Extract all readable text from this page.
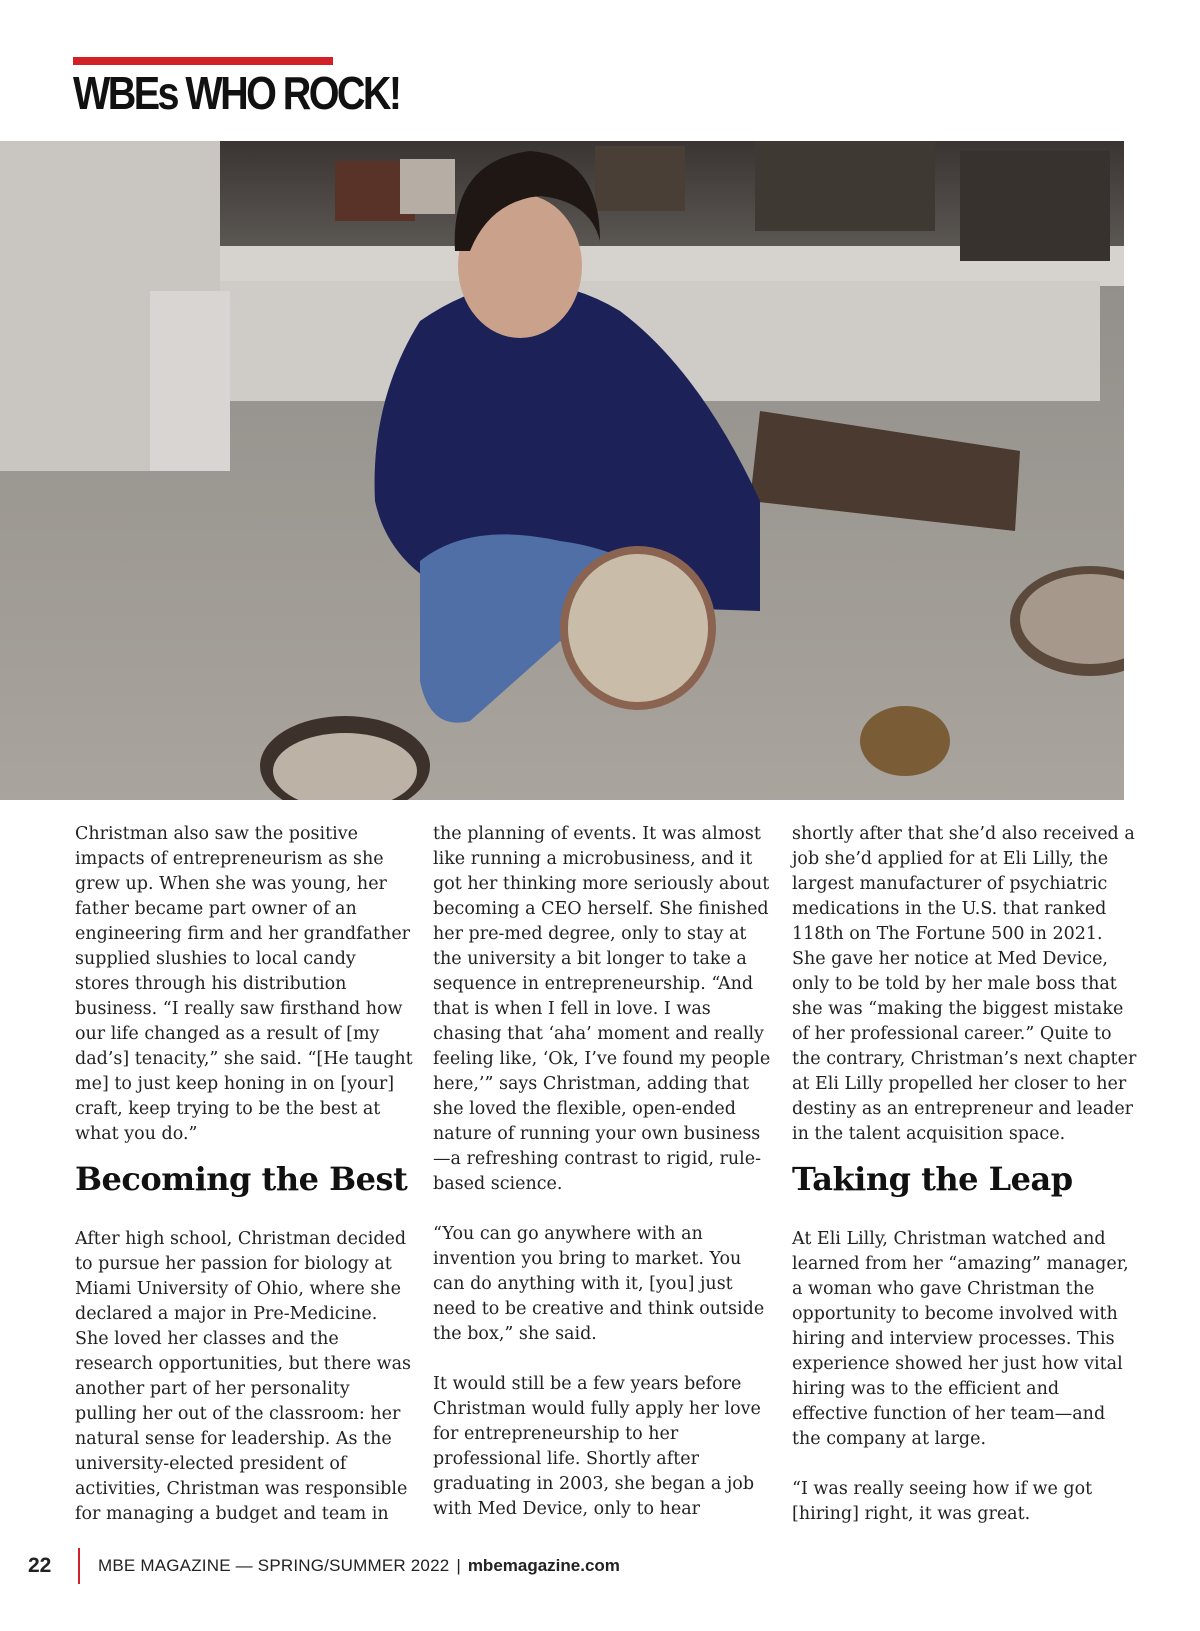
WBEs WHO ROCK!

Christman also saw the positive impacts of entrepreneurism as she grew up. When she was young, her father became part owner of an engineering firm and her grandfather supplied slushies to local candy stores through his distribution business. “I really saw firsthand how our life changed as a result of [my dad’s] tenacity,” she said. “[He taught me] to just keep honing in on [your] craft, keep trying to be the best at what you do.”

Becoming the Best

After high school, Christman decided to pursue her passion for biology at Miami University of Ohio, where she declared a major in Pre-Medicine. She loved her classes and the research opportunities, but there was another part of her personality pulling her out of the classroom: her natural sense for leadership. As the university-elected president of activities, Christman was responsible for managing a budget and team in

the planning of events. It was almost like running a microbusiness, and it got her thinking more seriously about becoming a CEO herself. She finished her pre-med degree, only to stay at the university a bit longer to take a sequence in entrepreneurship. “And that is when I fell in love. I was chasing that ‘aha’ moment and really feeling like, ‘Ok, I’ve found my people here,’” says Christman, adding that she loved the flexible, open-ended nature of running your own business—a refreshing contrast to rigid, rule-based science.

“You can go anywhere with an invention you bring to market. You can do anything with it, [you] just need to be creative and think outside the box,” she said.

It would still be a few years before Christman would fully apply her love for entrepreneurship to her professional life. Shortly after graduating in 2003, she began a job with Med Device, only to hear

shortly after that she’d also received a job she’d applied for at Eli Lilly, the largest manufacturer of psychiatric medications in the U.S. that ranked 118th on The Fortune 500 in 2021. She gave her notice at Med Device, only to be told by her male boss that she was “making the biggest mistake of her professional career.” Quite to the contrary, Christman’s next chapter at Eli Lilly propelled her closer to her destiny as an entrepreneur and leader in the talent acquisition space.

Taking the Leap

At Eli Lilly, Christman watched and learned from her “amazing” manager, a woman who gave Christman the opportunity to become involved with hiring and interview processes. This experience showed her just how vital hiring was to the efficient and effective function of her team—and the company at large.

“I was really seeing how if we got [hiring] right, it was great.

22	MBE MAGAZINE — SPRING/SUMMER 2022 | mbemagazine.com
